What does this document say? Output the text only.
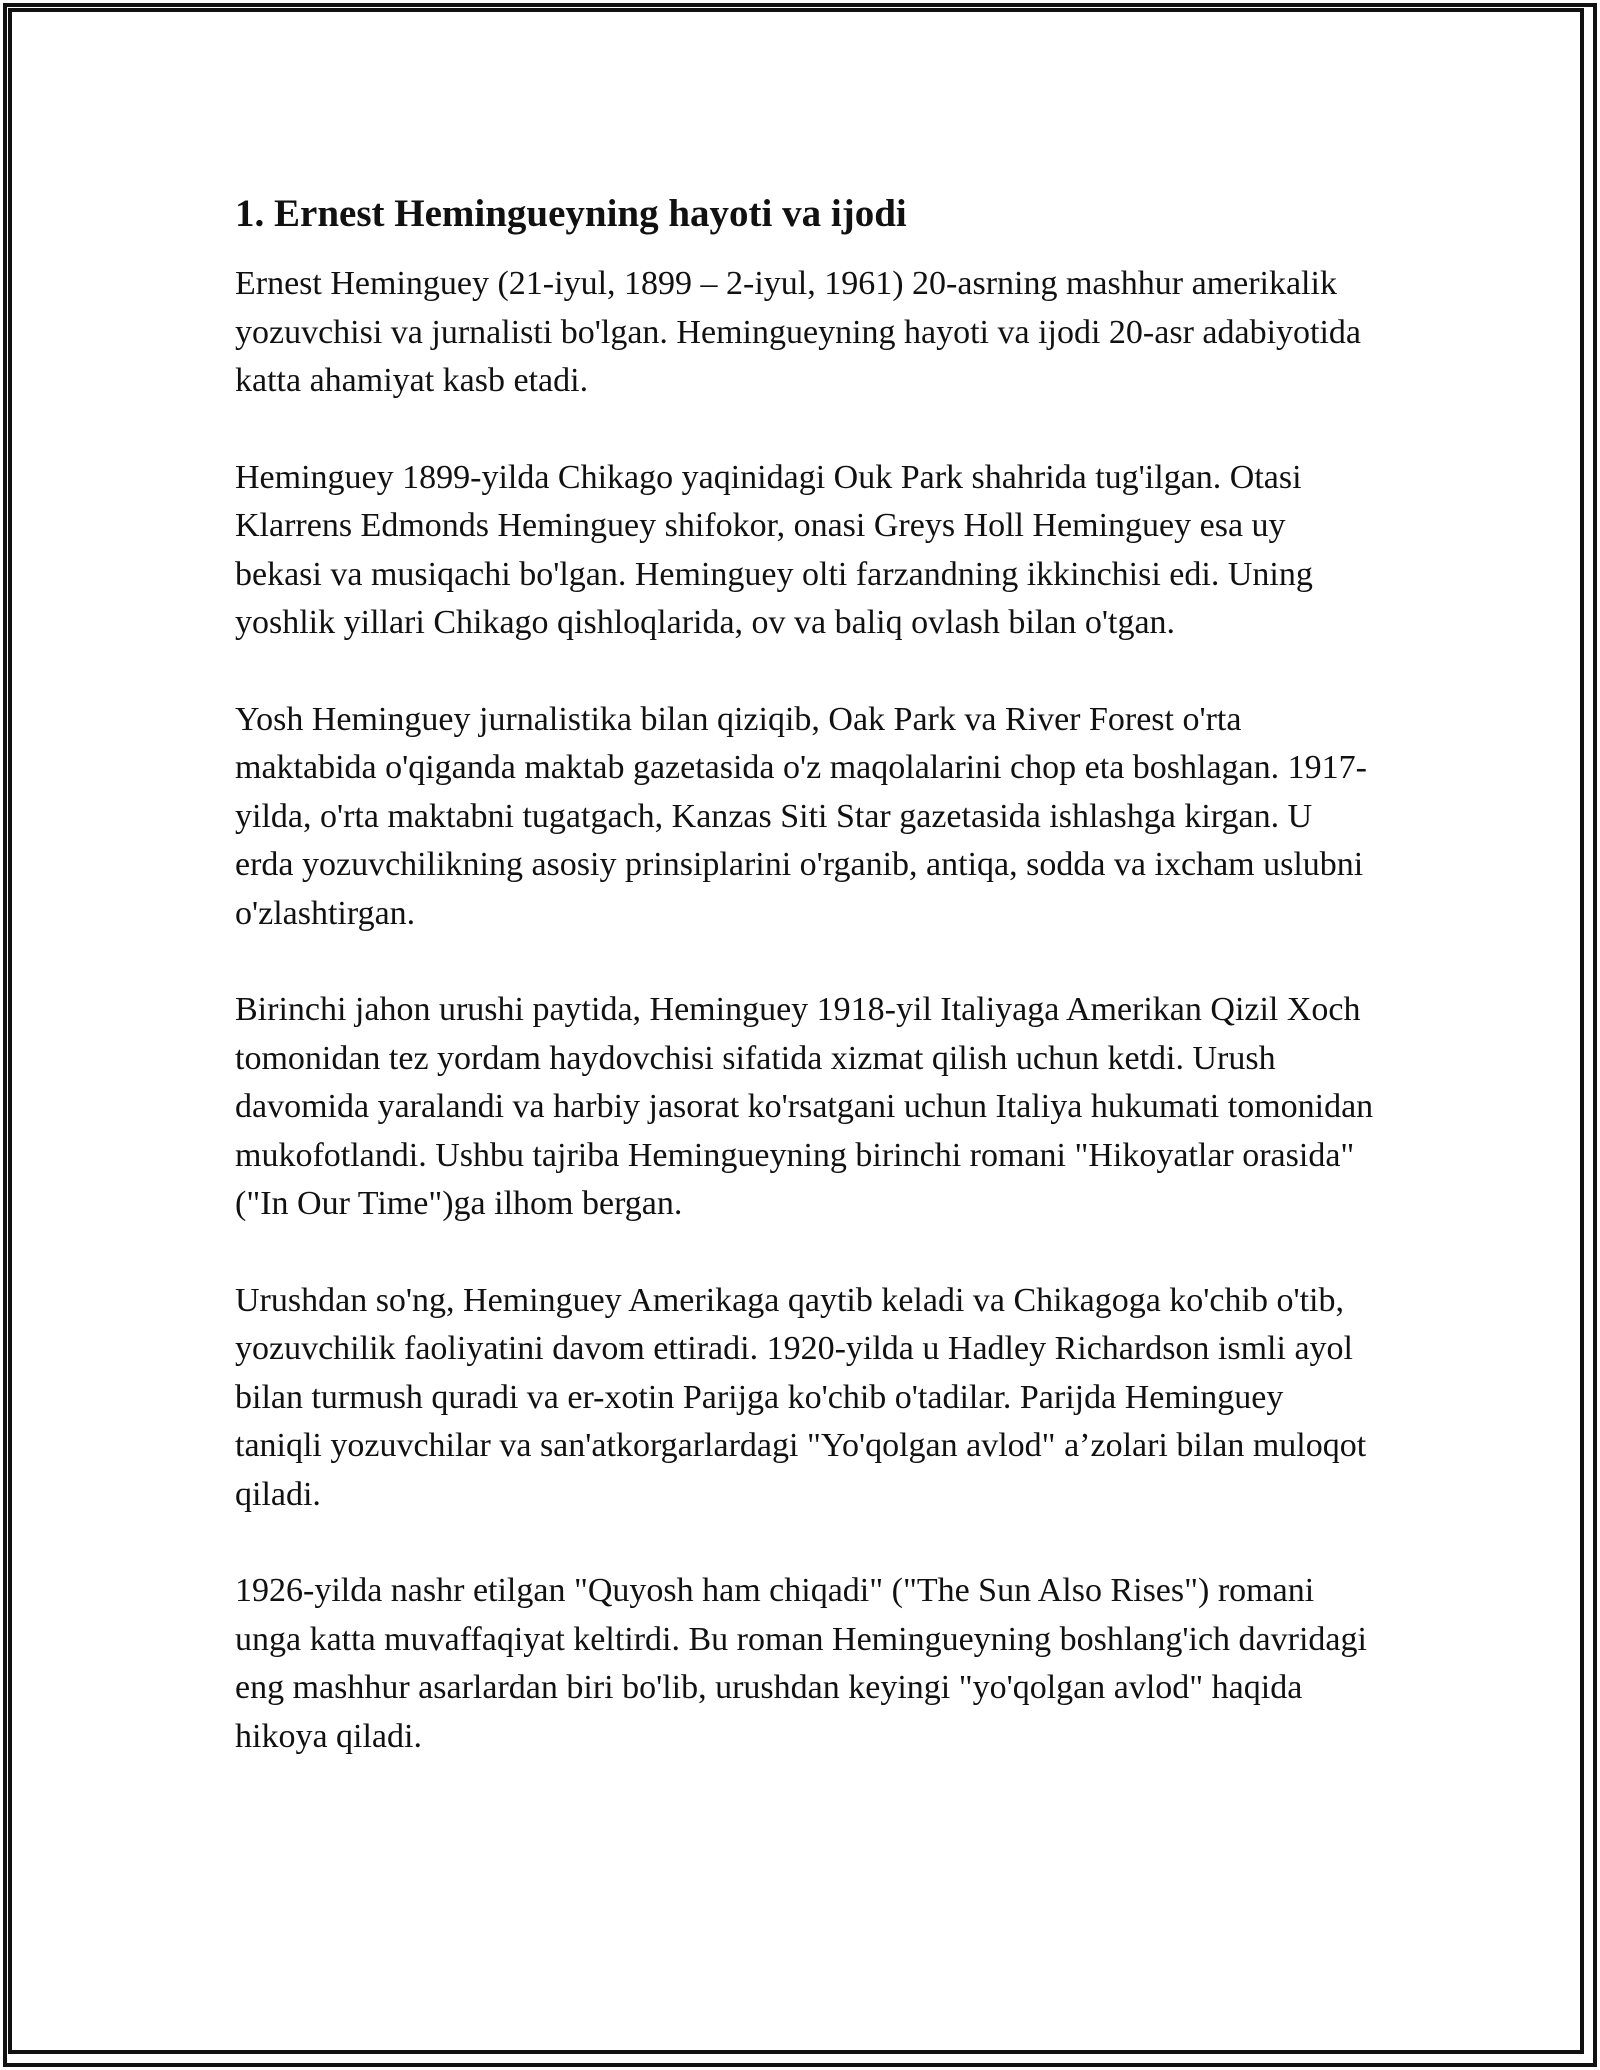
1. Ernest Hemingueyning hayoti va ijodi

Ernest Heminguey (21-iyul, 1899 – 2-iyul, 1961) 20-asrning mashhur amerikalik yozuvchisi va jurnalisti bo'lgan. Hemingueyning hayoti va ijodi 20-asr adabiyotida katta ahamiyat kasb etadi.

Heminguey 1899-yilda Chikago yaqinidagi Ouk Park shahrida tug'ilgan. Otasi Klarrens Edmonds Heminguey shifokor, onasi Greys Holl Heminguey esa uy bekasi va musiqachi bo'lgan. Heminguey olti farzandning ikkinchisi edi. Uning yoshlik yillari Chikago qishloqlarida, ov va baliq ovlash bilan o'tgan.

Yosh Heminguey jurnalistika bilan qiziqib, Oak Park va River Forest o'rta maktabida o'qiganda maktab gazetasida o'z maqolalarini chop eta boshlagan. 1917-yilda, o'rta maktabni tugatgach, Kanzas Siti Star gazetasida ishlashga kirgan. U erda yozuvchilikning asosiy prinsiplarini o'rganib, antiqa, sodda va ixcham uslubni o'zlashtirgan.

Birinchi jahon urushi paytida, Heminguey 1918-yil Italiyaga Amerikan Qizil Xoch tomonidan tez yordam haydovchisi sifatida xizmat qilish uchun ketdi. Urush davomida yaralandi va harbiy jasorat ko'rsatgani uchun Italiya hukumati tomonidan mukofotlandi. Ushbu tajriba Hemingueyning birinchi romani "Hikoyatlar orasida" ("In Our Time")ga ilhom bergan.

Urushdan so'ng, Heminguey Amerikaga qaytib keladi va Chikagoga ko'chib o'tib, yozuvchilik faoliyatini davom ettiradi. 1920-yilda u Hadley Richardson ismli ayol bilan turmush quradi va er-xotin Parijga ko'chib o'tadilar. Parijda Heminguey taniqli yozuvchilar va san'atkorgarlardagi "Yo'qolgan avlod" a’zolari bilan muloqot qiladi.

1926-yilda nashr etilgan "Quyosh ham chiqadi" ("The Sun Also Rises") romani unga katta muvaffaqiyat keltirdi. Bu roman Hemingueyning boshlang'ich davridagi eng mashhur asarlardan biri bo'lib, urushdan keyingi "yo'qolgan avlod" haqida hikoya qiladi.
